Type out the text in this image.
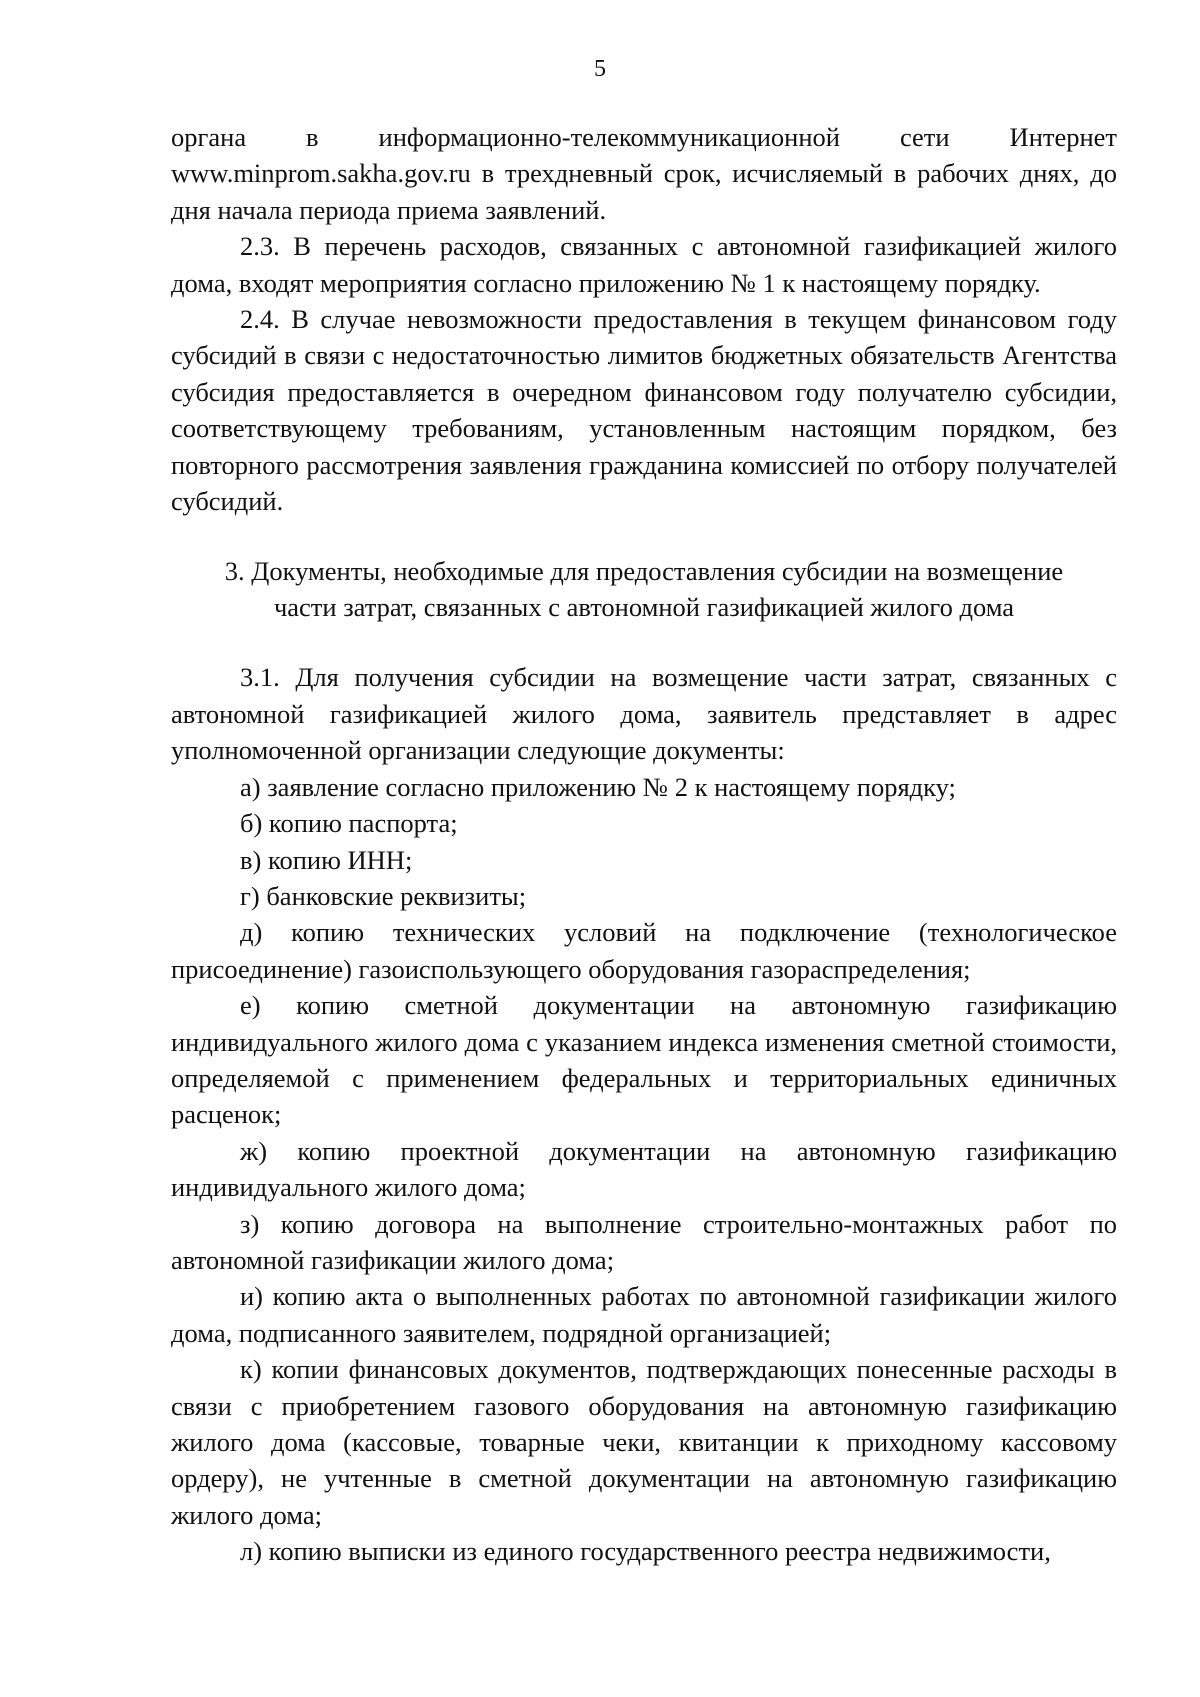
5

органа в информационно-телекоммуникационной сети Интернет www.minprom.sakha.gov.ru в трехдневный срок, исчисляемый в рабочих днях, до дня начала периода приема заявлений.

2.3. В перечень расходов, связанных с автономной газификацией жилого дома, входят мероприятия согласно приложению № 1 к настоящему порядку.

2.4. В случае невозможности предоставления в текущем финансовом году субсидий в связи с недостаточностью лимитов бюджетных обязательств Агентства субсидия предоставляется в очередном финансовом году получателю субсидии, соответствующему требованиям, установленным настоящим порядком, без повторного рассмотрения заявления гражданина комиссией по отбору получателей субсидий.

3. Документы, необходимые для предоставления субсидии на возмещение
части затрат, связанных с автономной газификацией жилого дома

3.1. Для получения субсидии на возмещение части затрат, связанных с автономной газификацией жилого дома, заявитель представляет в адрес уполномоченной организации следующие документы:

а) заявление согласно приложению № 2 к настоящему порядку;

б) копию паспорта;

в) копию ИНН;

г) банковские реквизиты;

д) копию технических условий на подключение (технологическое присоединение) газоиспользующего оборудования газораспределения;

е) копию сметной документации на автономную газификацию индивидуального жилого дома с указанием индекса изменения сметной стоимости, определяемой с применением федеральных и территориальных единичных расценок;

ж) копию проектной документации на автономную газификацию индивидуального жилого дома;

з) копию договора на выполнение строительно-монтажных работ по автономной газификации жилого дома;

и) копию акта о выполненных работах по автономной газификации жилого дома, подписанного заявителем, подрядной организацией;

к) копии финансовых документов, подтверждающих понесенные расходы в связи с приобретением газового оборудования на автономную газификацию жилого дома (кассовые, товарные чеки, квитанции к приходному кассовому ордеру), не учтенные в сметной документации на автономную газификацию жилого дома;

л) копию выписки из единого государственного реестра недвижимости,
